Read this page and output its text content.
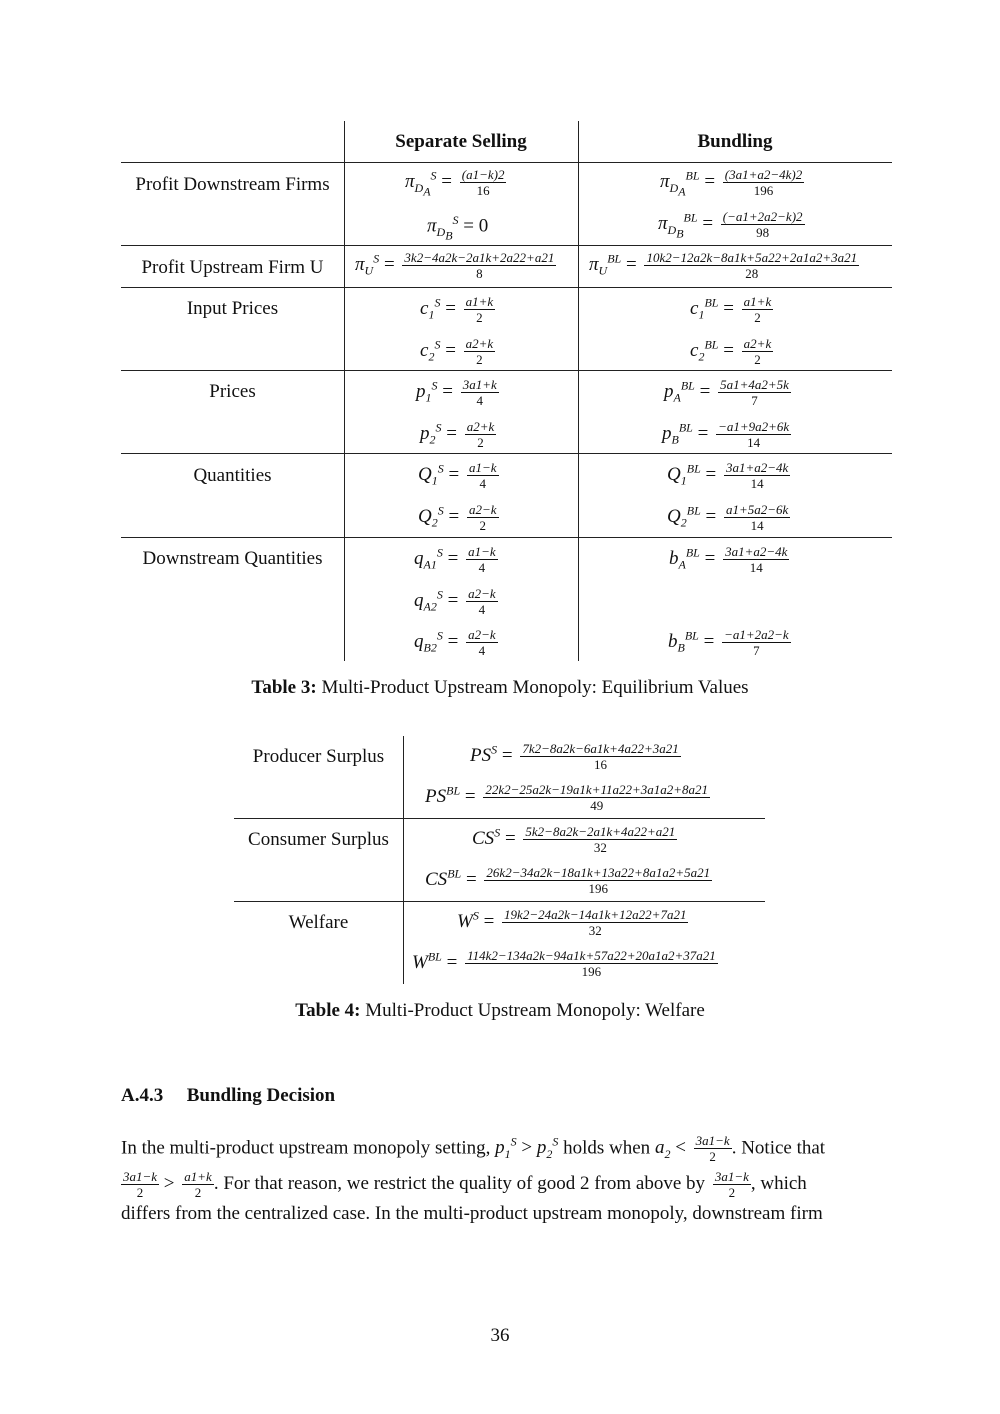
Separate Selling	Bundling
Profit Downstream Firms
Profit Upstream Firm U
Input Prices
Prices
Quantities
Downstream Quantities
$\pi_{D_A}^S = \frac{(a1-k)2}{16}$
$\pi_{D_B}^S = 0$
$\pi_U^S = \frac{3k2-4a2k-2a1k+2a22+a21}{8}$
$c_1^S = \frac{a1+k}{2}$
$c_2^S = \frac{a2+k}{2}$
$p_1^S = \frac{3a1+k}{4}$
$p_2^S = \frac{a2+k}{2}$
$Q_1^S = \frac{a1-k}{4}$
$Q_2^S = \frac{a2-k}{2}$
$q_{A1}^S = \frac{a1-k}{4}$
$q_{A2}^S = \frac{a2-k}{4}$
$q_{B2}^S = \frac{a2-k}{4}$
$\pi_{D_A}^{BL} = \frac{(3a1+a2-4k)2}{196}$
$\pi_{D_B}^{BL} = \frac{(-a1+2a2-k)2}{98}$
$\pi_U^{BL} = \frac{10k2-12a2k-8a1k+5a22+2a1a2+3a21}{28}$
$c_1^{BL} = \frac{a1+k}{2}$
$c_2^{BL} = \frac{a2+k}{2}$
$p_A^{BL} = \frac{5a1+4a2+5k}{7}$
$p_B^{BL} = \frac{-a1+9a2+6k}{14}$
$Q_1^{BL} = \frac{3a1+a2-4k}{14}$
$Q_2^{BL} = \frac{a1+5a2-6k}{14}$
$b_A^{BL} = \frac{3a1+a2-4k}{14}$
$b_B^{BL} = \frac{-a1+2a2-k}{7}$
Table 3: Multi-Product Upstream Monopoly: Equilibrium Values
Producer Surplus
Consumer Surplus
Welfare
$PS^S = \frac{7k2-8a2k-6a1k+4a22+3a21}{16}$
$PS^{BL} = \frac{22k2-25a2k-19a1k+11a22+3a1a2+8a21}{49}$
$CS^S = \frac{5k2-8a2k-2a1k+4a22+a21}{32}$
$CS^{BL} = \frac{26k2-34a2k-18a1k+13a22+8a1a2+5a21}{196}$
$W^S = \frac{19k2-24a2k-14a1k+12a22+7a21}{32}$
$W^{BL} = \frac{114k2-134a2k-94a1k+57a22+20a1a2+37a21}{196}$
Table 4: Multi-Product Upstream Monopoly: Welfare
A.4.3 Bundling Decision
In the multi-product upstream monopoly setting, $p_1^S > p_2^S$ holds when $a_2 < \frac{3a1-k}{2}$ . Notice that
$\frac{3a1-k}{2} > \frac{a1+k}{2}$ . For that reason, we restrict the quality of good 2 from above by $\frac{3a1-k}{2}$ , which
differs from the centralized case. In the multi-product upstream monopoly, downstream firm
36
